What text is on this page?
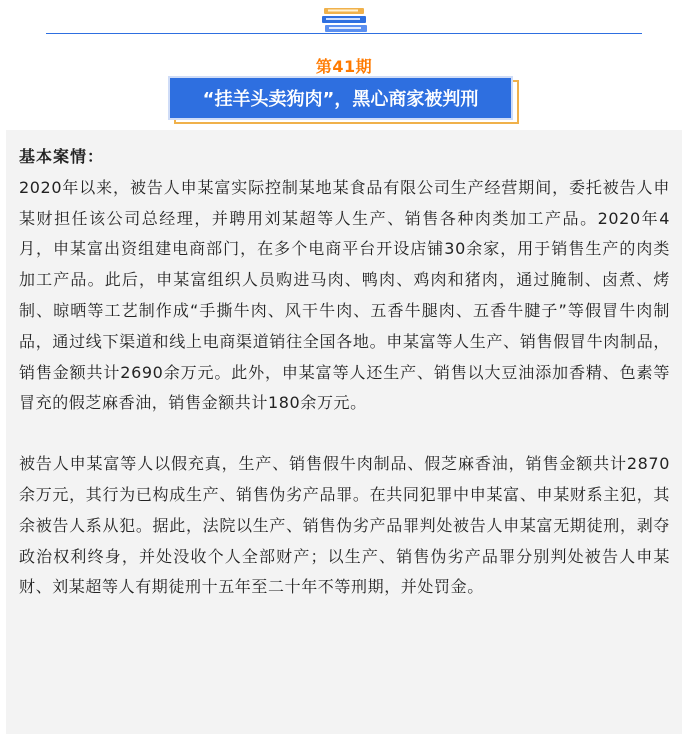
第41期
“挂羊头卖狗肉”，黑心商家被判刑

基本案情：

2020年以来，被告人申某富实际控制某地某食品有限公司生产经营期间，委托被告人申某财担任该公司总经理，并聘用刘某超等人生产、销售各种肉类加工产品。2020年4月，申某富出资组建电商部门，在多个电商平台开设店铺30余家，用于销售生产的肉类加工产品。此后，申某富组织人员购进马肉、鸭肉、鸡肉和猪肉，通过腌制、卤煮、烤制、晾晒等工艺制作成“手撕牛肉、风干牛肉、五香牛腿肉、五香牛腱子”等假冒牛肉制品，通过线下渠道和线上电商渠道销往全国各地。申某富等人生产、销售假冒牛肉制品，销售金额共计2690余万元。此外，申某富等人还生产、销售以大豆油添加香精、色素等冒充的假芝麻香油，销售金额共计180余万元。

被告人申某富等人以假充真，生产、销售假牛肉制品、假芝麻香油，销售金额共计2870余万元，其行为已构成生产、销售伪劣产品罪。在共同犯罪中申某富、申某财系主犯，其余被告人系从犯。据此，法院以生产、销售伪劣产品罪判处被告人申某富无期徒刑，剥夺政治权利终身，并处没收个人全部财产；以生产、销售伪劣产品罪分别判处被告人申某财、刘某超等人有期徒刑十五年至二十年不等刑期，并处罚金。
